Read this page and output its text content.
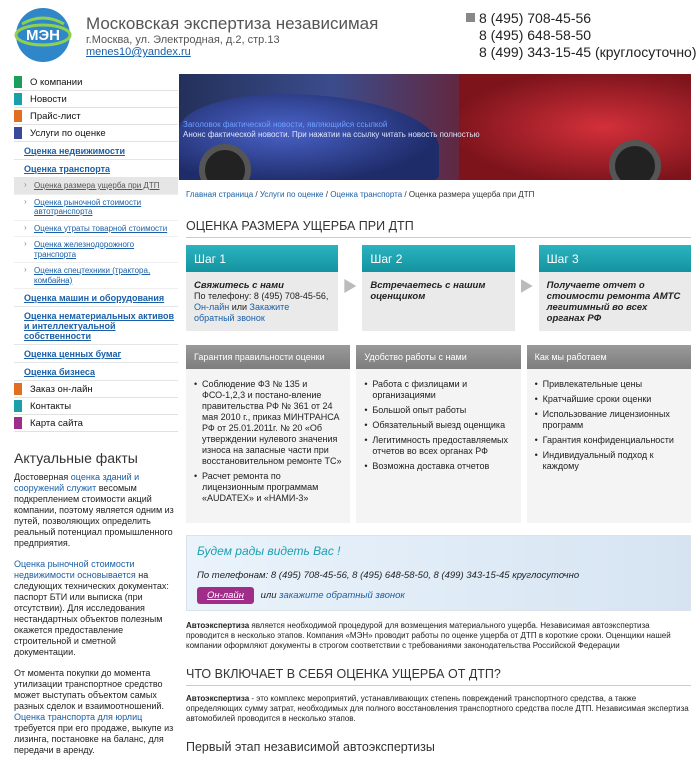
МЭН
Московская экспертиза независимая
г.Москва, ул. Электродная, д.2, стр.13
menes10@yandex.ru
8 (495) 708-45-56
8 (495) 648-58-50
8 (499) 343-15-45 (круглосуточно)
О компании
Новости
Прайс-лист
Услуги по оценке
Оценка недвижимости
Оценка транспорта
› Оценка размера ущерба при ДТП
› Оценка рыночной стоимости автотранспорта
› Оценка утраты товарной стоимости
› Оценка железнодорожного транспорта
› Оценка спецтехники (трактора, комбайна)
Оценка машин и оборудования
Оценка нематериальных активов и интеллектуальной собственности
Оценка ценных бумаг
Оценка бизнеса
Заказ он-лайн
Контакты
Карта сайта
Актуальные факты

Достоверная оценка зданий и сооружений служит весомым подкреплением стоимости акций компании, поэтому является одним из путей, позволяющих определить реальный потенциал промышленного предприятия.

Оценка рыночной стоимости недвижимости основывается на следующих технических документах: паспорт БТИ или выписка (при отсутствии). Для исследования нестандартных объектов полезным окажется предоставление строительной и сметной документации.

От момента покупки до момента утилизации транспортное средство может выступать объектом самых разных сделок и взаимоотношений. Оценка транспорта для юрлиц требуется при его продаже, выкупе из лизинга, постановке на баланс, для передачи в аренду.

Заголовок фактической новости, являющийся ссылкой
Анонс фактической новости. При нажатии на ссылку читать новость полностью
Главная страница / Услуги по оценке / Оценка транспорта / Оценка размера ущерба при ДТП
ОЦЕНКА РАЗМЕРА УЩЕРБА ПРИ ДТП
Шаг 1
Свяжитесь с нами
По телефону: 8 (495) 708-45-56,
Он-лайн или Закажите обратный звонок
Шаг 2
Встречаетесь с нашим оценщиком
Шаг 3
Получаете отчет о стоимости ремонта АМТС легитимный во всех органах РФ
Гарантия правильности оценки
• Соблюдение ФЗ № 135 и ФСО-1,2,3 и постано-вление правительства РФ № 361 от 24 мая 2010 г., приказ МИНТРАНСА РФ от 25.01.2011г. № 20 «Об утверждении нулевого значения износа на запасные части при восстановительном ремонте ТС»
• Расчет ремонта по лицензионным программам «AUDATEX» и «НАМИ-3»
Удобство работы с нами
• Работа с физлицами и организациями
• Большой опыт работы
• Обязательный выезд оценщика
• Легитимность предоставляемых отчетов во всех органах РФ
• Возможна доставка отчетов
Как мы работаем
• Привлекательные цены
• Кратчайшие сроки оценки
• Использование лицензионных программ
• Гарантия конфиденциальности
• Индивидуальный подход к каждому
Будем рады видеть Вас !
По телефонам: 8 (495) 708-45-56, 8 (495) 648-58-50, 8 (499) 343-15-45 круглосуточно
Он-лайн или закажите обратный звонок
Автоэкспертиза является необходимой процедурой для возмещения материального ущерба. Независимая автоэкспертиза проводится в несколько этапов. Компания «МЭН» проводит работы по оценке ущерба от ДТП в короткие сроки. Оценщики нашей компании оформляют документы в строгом соответствии с требованиями законодательства Российской Федерации
ЧТО ВКЛЮЧАЕТ В СЕБЯ ОЦЕНКА УЩЕРБА ОТ ДТП?
Автоэкспертиза - это комплекс мероприятий, устанавливающих степень повреждений транспортного средства, а также определяющих сумму затрат, необходимых для полного восстановления транспортного средства после ДТП. Независимая экспертиза автомобилей проводится в несколько этапов.
Первый этап независимой автоэкспертизы
